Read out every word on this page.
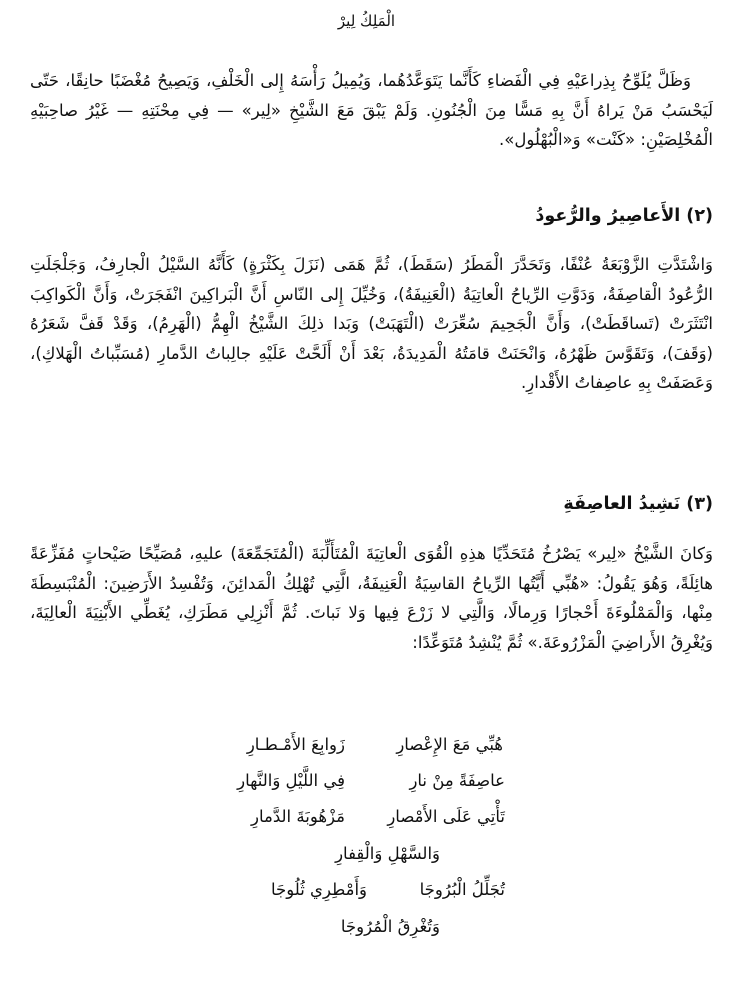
الْمَلِكُ لِيرْ

وَظَلَّ يُلَوِّحُ بِذِراعَيْهِ فِي الْفَضاءِ كَأَنَّما يَتَوَعَّدُهُما، وَيُمِيلُ رَأْسَهُ إِلى الْخَلْفِ، وَيَصِيحُ مُغْضَبًا حانِقًا، حَتّى لَيَحْسَبُ مَنْ يَراهُ أَنَّ بِهِ مَسًّا مِنَ الْجُنُونِ. وَلَمْ يَبْقَ مَعَ الشَّيْخِ «لِير» — فِي مِحْنَتِهِ — غَيْرُ صاحِبَيْهِ الْمُخْلِصَيْنِ: «كَنْت» وَ«الْبُهْلُول».

(٢) الأَعاصِيرُ والرُّعودُ

وَاشْتَدَّتِ الزَّوْبَعَةُ عُنْفًا، وَتَحَدَّرَ الْمَطَرُ (سَقَطَ)، ثُمَّ هَمَى (نَزَلَ بِكَثْرَةٍ) كَأَنَّهُ السَّيْلُ الْجارِفُ، وَجَلْجَلَتِ الرُّعُودُ الْقاصِفَةُ، وَدَوَّتِ الرِّياحُ الْعاتِيَةُ (الْعَنِيفَةُ)، وَخُيِّلَ إِلى النّاسِ أَنَّ الْبَراكِينَ انْفَجَرَتْ، وَأَنَّ الْكَواكِبَ انْتَثَرَتْ (تَساقَطَتْ)، وَأَنَّ الْجَحِيمَ سُعِّرَتْ (الْتَهَبَتْ) وَبَدا ذلِكَ الشَّيْخُ الْهِمُّ (الْهَرِمُ)، وَقَدْ قَفَّ شَعَرُهُ (وَقَفَ)، وَتَقَوَّسَ ظَهْرُهُ، وَانْحَنَتْ قامَتُهُ الْمَدِيدَةُ، بَعْدَ أَنْ أَلَحَّتْ عَلَيْهِ جالِباتُ الدَّمارِ (مُسَبِّباتُ الْهَلاكِ)، وَعَصَفَتْ بِهِ عاصِفاتُ الأَقْدارِ.

(٣) نَشِيدُ العاصِفَةِ

وَكانَ الشَّيْخُ «لِير» يَصْرُخُ مُتَحَدِّيًا هذِهِ الْقُوَى الْعاتِيَةَ الْمُتَأَلِّبَةَ (الْمُتَجَمِّعَةَ) عليهِ، مُصَيِّحًا صَيْحاتٍ مُفَزِّعَةً هائِلَةً، وَهُوَ يَقُولُ: «هُبِّي أَيَّتُها الرِّياحُ القاسِيَةُ الْعَنِيفَةُ، الَّتِي تُهْلِكُ الْمَدائِنَ، وَتُفْسِدُ الأَرَضِينَ: الْمُنْبَسِطَةَ مِنْها، وَالْمَمْلُوءَةَ أَحْجارًا وَرِمالًا، وَالَّتِي لا زَرْعَ فِيها وَلا نَباتَ. ثُمَّ أَنْزِلِي مَطَرَكِ، يُغَطِّي الأَبْنِيَةَ الْعالِيَةَ، وَيُغْرِقُ الأَراضِيَ الْمَزْرُوعَةَ.» ثُمَّ يُنْشِدُ مُتَوَعِّدًا:

زَوابِعَ الأَمْـطـارِ	هُبِّي مَعَ الإِعْصارِ
فِي اللَّيْلِ وَالنَّهارِ	عاصِفَةً مِنْ نارِ
مَزْهُوبَةَ الدَّمارِ	تَأْتِي عَلَى الأَمْصارِ
وَالسَّهْلِ وَالْقِفارِ
وَأَمْطِرِي ثُلُوجَا	تُجَلِّلُ الْبُرُوجَا
وَتُغْرِقُ الْمُرُوجَا
